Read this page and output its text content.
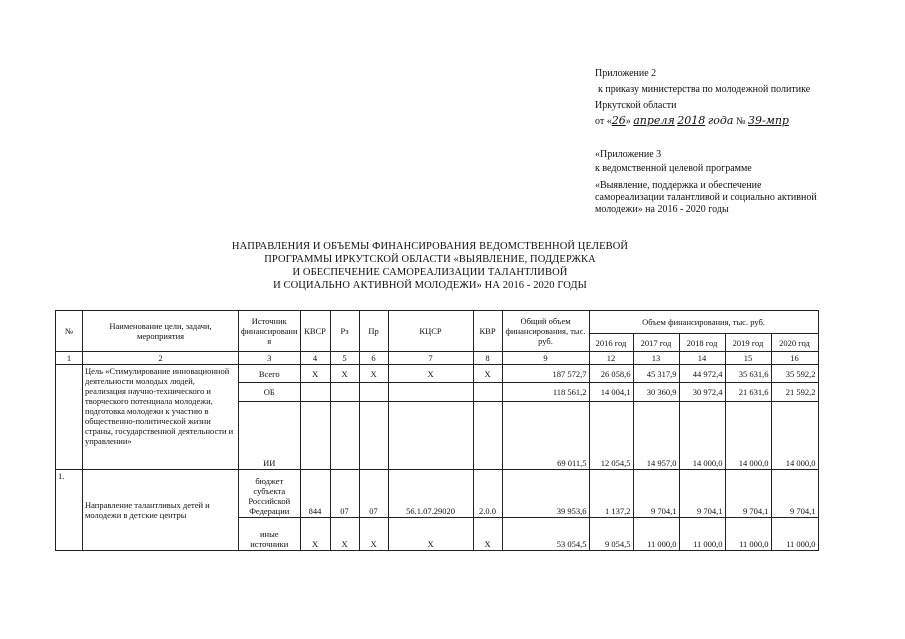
Приложение 2
к приказу министерства по молодежной политике
Иркутской области
от «26» апреля 2018 года № 39-мпр
«Приложение 3
к ведомственной целевой программе
«Выявление, поддержка и обеспечение
самореализации талантливой и социально активной
молодежи» на 2016 - 2020 годы
НАПРАВЛЕНИЯ И ОБЪЕМЫ ФИНАНСИРОВАНИЯ ВЕДОМСТВЕННОЙ ЦЕЛЕВОЙ
ПРОГРАММЫ ИРКУТСКОЙ ОБЛАСТИ «ВЫЯВЛЕНИЕ, ПОДДЕРЖКА
И ОБЕСПЕЧЕНИЕ САМОРЕАЛИЗАЦИИ ТАЛАНТЛИВОЙ
И СОЦИАЛЬНО АКТИВНОЙ МОЛОДЕЖИ» НА 2016 - 2020 ГОДЫ
№	Наименование цели, задачи, мероприятия	Источник финансировани я	КВСР	Рз	Пр	КЦСР	КВР	Общий объем финансирования, тыс. руб.	Объем финансирования, тыс. руб.				
									2016 год	2017 год	2018 год	2019 год	2020 год
1	2	3	4	5	6	7	8	9	12	13	14	15	16
	Цель «Стимулирование инновационной деятельности молодых людей, реализация научно-технического и творческого потенциала молодежи, подготовка молодежи к участию в общественно-политической жизни страны, государственной деятельности и управлении»	Всего	Х	Х	Х	Х	Х	187 572,7	26 058,6	45 317,9	44 972,4	35 631,6	35 592,2
		ОБ						118 561,2	14 004,1	30 360,9	30 972,4	21 631,6	21 592,2
		ИИ						69 011,5	12 054,5	14 957,0	14 000,0	14 000,0	14 000,0
1.	Направление талантливых детей и молодежи в детские центры	бюджет субъекта Российской Федерации	844	07	07	56.1.07.29020	2.0.0	39 953,6	1 137,2	9 704,1	9 704,1	9 704,1	9 704,1
		иные источники	Х	Х	Х	Х	Х	53 054,5	9 054,5	11 000,0	11 000,0	11 000,0	11 000,0
